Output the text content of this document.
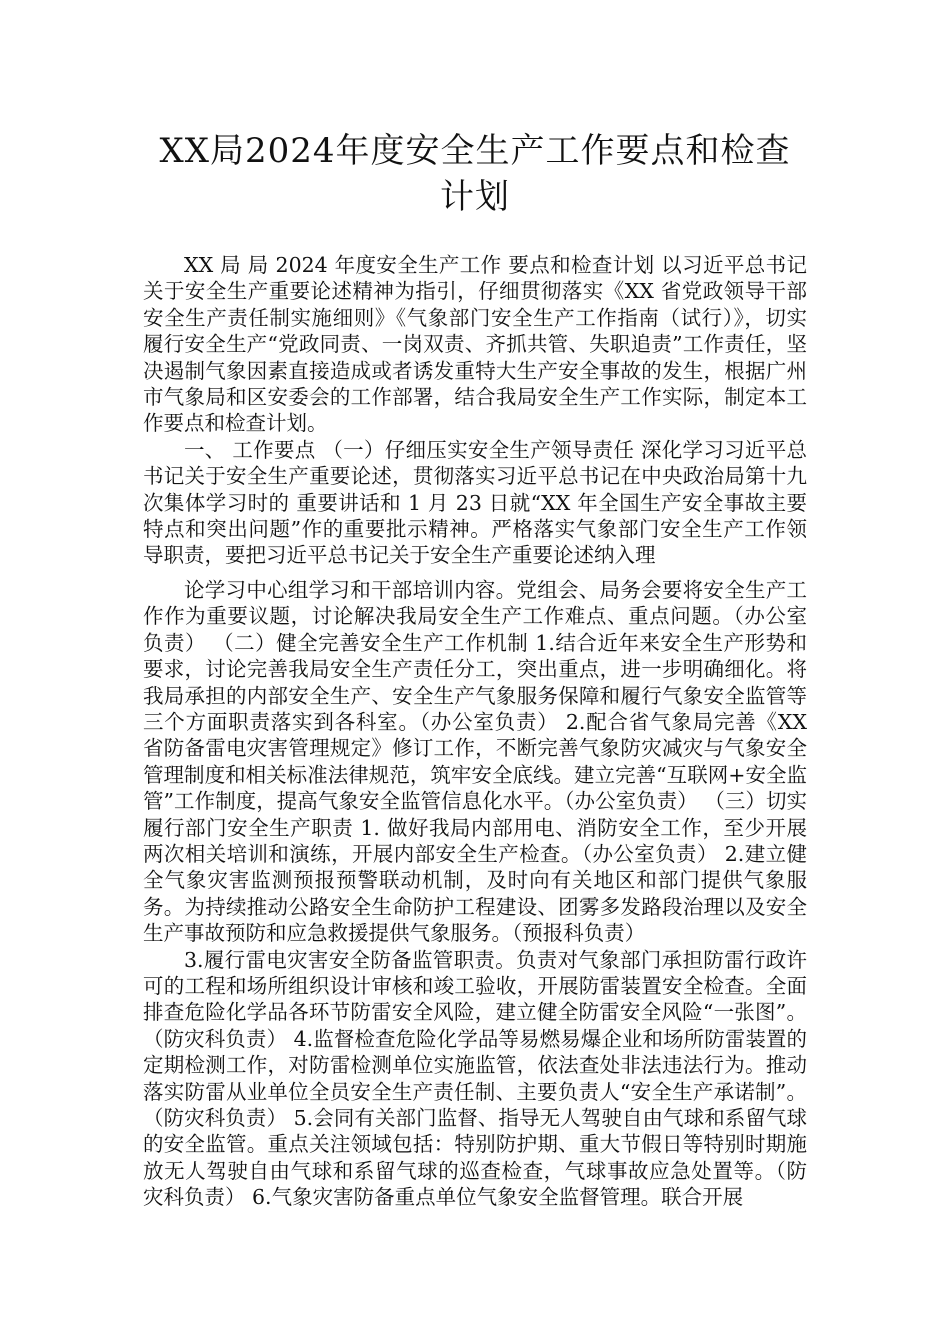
XX局2024年度安全生产工作要点和检查计划

XX 局 局 2024 年度安全生产工作 要点和检查计划 以习近平总书记关于安全生产重要论述精神为指引，仔细贯彻落实《XX 省党政领导干部安全生产责任制实施细则》《气象部门安全生产工作指南（试行）》，切实履行安全生产“党政同责、一岗双责、齐抓共管、失职追责”工作责任，坚决遏制气象因素直接造成或者诱发重特大生产安全事故的发生，根据广州市气象局和区安委会的工作部署，结合我局安全生产工作实际，制定本工作要点和检查计划。

一、 工作要点 （一）仔细压实安全生产领导责任 深化学习习近平总书记关于安全生产重要论述，贯彻落实习近平总书记在中央政治局第十九次集体学习时的 重要讲话和 1 月 23 日就“XX 年全国生产安全事故主要特点和突出问题”作的重要批示精神。严格落实气象部门安全生产工作领导职责，要把习近平总书记关于安全生产重要论述纳入理

论学习中心组学习和干部培训内容。党组会、局务会要将安全生产工作作为重要议题，讨论解决我局安全生产工作难点、重点问题。（办公室负责） （二）健全完善安全生产工作机制 1.结合近年来安全生产形势和要求，讨论完善我局安全生产责任分工，突出重点，进一步明确细化。将我局承担的内部安全生产、安全生产气象服务保障和履行气象安全监管等三个方面职责落实到各科室。（办公室负责） 2.配合省气象局完善《XX 省防备雷电灾害管理规定》修订工作，不断完善气象防灾减灾与气象安全管理制度和相关标准法律规范，筑牢安全底线。建立完善“互联网+安全监管”工作制度，提高气象安全监管信息化水平。（办公室负责） （三）切实履行部门安全生产职责 1. 做好我局内部用电、消防安全工作，至少开展两次相关培训和演练，开展内部安全生产检查。（办公室负责） 2.建立健全气象灾害监测预报预警联动机制，及时向有关地区和部门提供气象服务。为持续推动公路安全生命防护工程建设、团雾多发路段治理以及安全生产事故预防和应急救援提供气象服务。（预报科负责）

3.履行雷电灾害安全防备监管职责。负责对气象部门承担防雷行政许可的工程和场所组织设计审核和竣工验收，开展防雷装置安全检查。全面排查危险化学品各环节防雷安全风险，建立健全防雷安全风险“一张图”。（防灾科负责） 4.监督检查危险化学品等易燃易爆企业和场所防雷装置的定期检测工作，对防雷检测单位实施监管，依法查处非法违法行为。推动落实防雷从业单位全员安全生产责任制、主要负责人“安全生产承诺制”。（防灾科负责） 5.会同有关部门监督、指导无人驾驶自由气球和系留气球的安全监管。重点关注领域包括：特别防护期、重大节假日等特别时期施放无人驾驶自由气球和系留气球的巡查检查，气球事故应急处置等。（防灾科负责） 6.气象灾害防备重点单位气象安全监督管理。联合开展
